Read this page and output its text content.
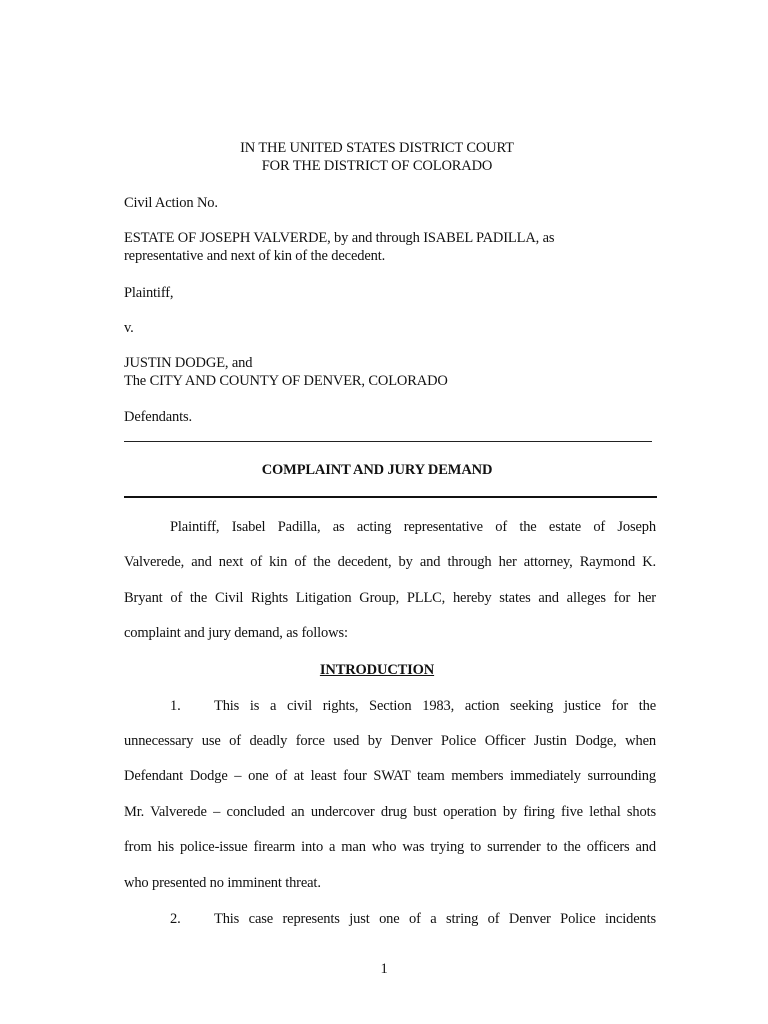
IN THE UNITED STATES DISTRICT COURT
FOR THE DISTRICT OF COLORADO
Civil Action No.
ESTATE OF JOSEPH VALVERDE, by and through ISABEL PADILLA, as
representative and next of kin of the decedent.
Plaintiff,
v.
JUSTIN DODGE, and
The CITY AND COUNTY OF DENVER, COLORADO
Defendants.
COMPLAINT AND JURY DEMAND
Plaintiff, Isabel Padilla, as acting representative of the estate of Joseph
Valverede, and next of kin of the decedent, by and through her attorney, Raymond K.
Bryant of the Civil Rights Litigation Group, PLLC, hereby states and alleges for her
complaint and jury demand, as follows:
INTRODUCTION
1. This is a civil rights, Section 1983, action seeking justice for the
unnecessary use of deadly force used by Denver Police Officer Justin Dodge, when
Defendant Dodge – one of at least four SWAT team members immediately surrounding
Mr. Valverede – concluded an undercover drug bust operation by firing five lethal shots
from his police-issue firearm into a man who was trying to surrender to the officers and
who presented no imminent threat.
2. This case represents just one of a string of Denver Police incidents
1
